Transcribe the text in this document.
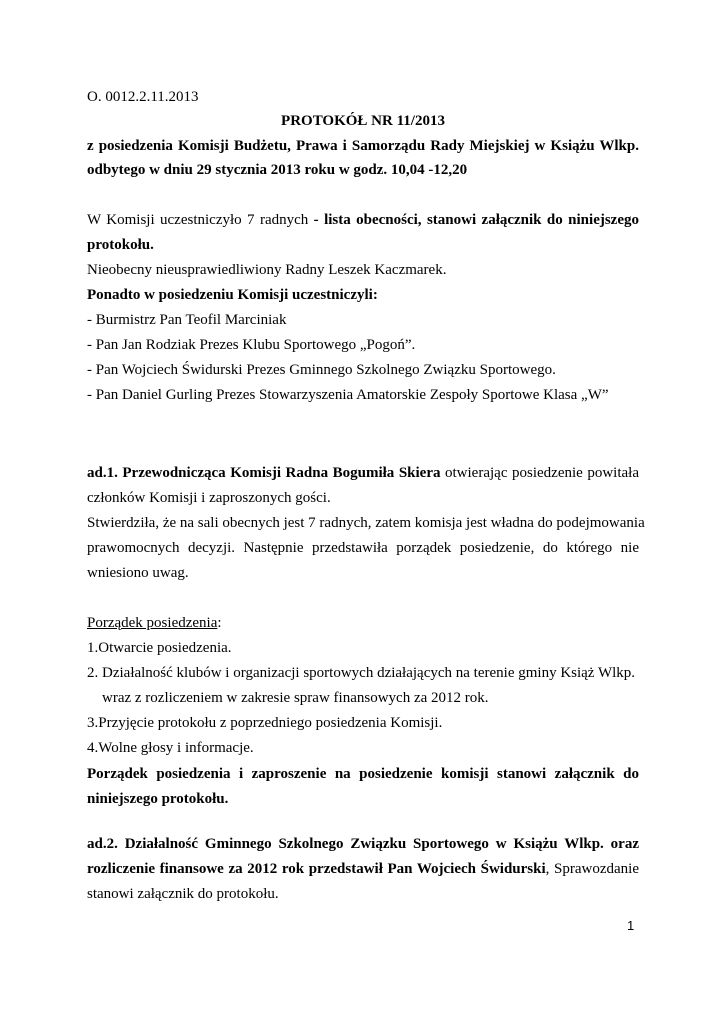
O. 0012.2.11.2013
PROTOKÓŁ NR 11/2013
z posiedzenia Komisji Budżetu, Prawa i Samorządu Rady Miejskiej w Książu Wlkp.
odbytego w dniu 29 stycznia 2013 roku w godz. 10,04 -12,20
W Komisji uczestniczyło 7 radnych - lista obecności, stanowi załącznik do niniejszego
protokołu.
Nieobecny nieusprawiedliwiony Radny Leszek Kaczmarek.
Ponadto w posiedzeniu Komisji uczestniczyli:
- Burmistrz Pan Teofil Marciniak
- Pan Jan Rodziak Prezes Klubu Sportowego „Pogoń”.
- Pan Wojciech Świdurski Prezes Gminnego Szkolnego Związku Sportowego.
- Pan Daniel Gurling Prezes Stowarzyszenia Amatorskie Zespoły Sportowe Klasa „W”
ad.1. Przewodnicząca Komisji Radna Bogumiła Skiera otwierając posiedzenie powitała
członków Komisji i zaproszonych gości.
Stwierdziła, że na sali obecnych jest 7 radnych, zatem komisja jest władna do podejmowania
prawomocnych decyzji. Następnie przedstawiła porządek posiedzenie, do którego nie
wniesiono uwag.
Porządek posiedzenia:
1.Otwarcie posiedzenia.
2. Działalność klubów i organizacji sportowych działających na terenie gminy Książ Wlkp.
wraz z rozliczeniem w zakresie spraw finansowych za 2012 rok.
3.Przyjęcie protokołu z poprzedniego posiedzenia Komisji.
4.Wolne głosy i informacje.
Porządek posiedzenia i zaproszenie na posiedzenie komisji stanowi załącznik do
niniejszego protokołu.
ad.2. Działalność Gminnego Szkolnego Związku Sportowego w Książu Wlkp. oraz
rozliczenie finansowe za 2012 rok przedstawił Pan Wojciech Świdurski, Sprawozdanie
stanowi załącznik do protokołu.
1
